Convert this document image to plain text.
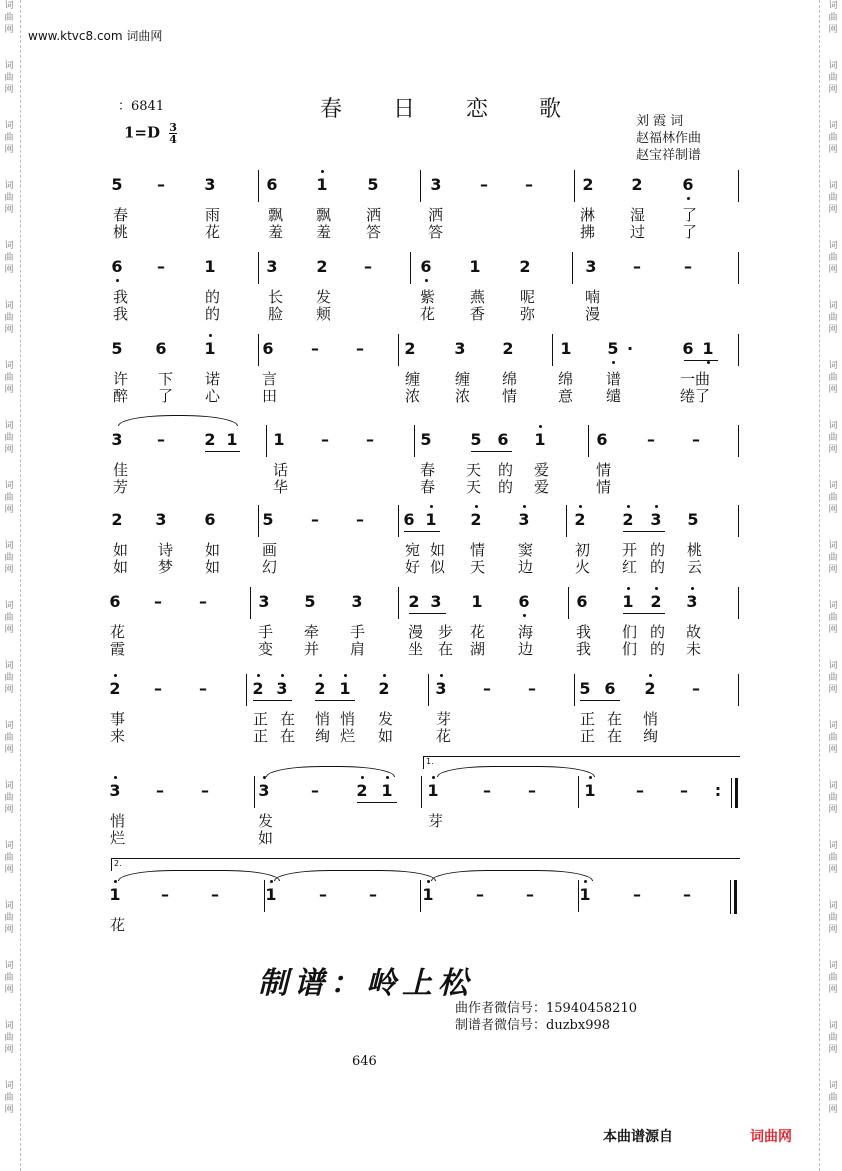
词
曲
网
词
曲
网
词
曲
网
词
曲
网
词
曲
网
词
曲
网
词
曲
网
词
曲
网
词
曲
网
词
曲
网
词
曲
网
词
曲
网
词
曲
网
词
曲
网
词
曲
网
词
曲
网
词
曲
网
词
曲
网
词
曲
网
词
曲
网
词
曲
网
词
曲
网
词
曲
网
词
曲
网
词
曲
网
词
曲
网
词
曲
网
词
曲
网
词
曲
网
词
曲
网
词
曲
网
词
曲
网
词
曲
网
词
曲
网
词
曲
网
词
曲
网
词
曲
网
词
曲
网
www.ktvc8.com 词曲网
：6841
$1=D \frac{3}{4}$
春 日 恋 歌	刘 霞 词
赵福林作曲
赵宝祥制谱
5 – 3	6 1 5	3 – –	2 2 6
春	雨	飘 飘 洒	洒	淋 湿 了
桃	花	羞 羞 答	答	拂 过 了
6 – 1	3 2 –	6 1 2	3 –	–
我	的	长 发	紫 燕 呢	喃
我	的	脸 颊	花 香 弥	漫
5 6 1	6 – –	2 3 2	1 5 ·	6 1
许 下 诺	言	缠 缠 绵	绵 谱	一曲
醉 了 心	田	浓 浓 情	意 缱	绻了
3 – 2 1 1 – –	5 5 6 1	6 – –
佳	话	春 天 的 爱	情
芳	华	春 天 的 爱	情
2 3 6	5 – – 6 1 2 3	2 2 3 5
如 诗 如	画	宛 如 情 窦	初 开 的 桃
如 梦 如	幻	好 似 天 边	火 红 的 云
6 – –	3 5 3	2 3 1 6	6 1 2 3
花	手 牵 手	漫 步 花 海	我 们 的 故
霞	变 并 肩	坐 在 湖 边	我 们 的 未
2 – –	2 3 2 1 2	3 – –	5 6 2 –
事	正 在 悄 悄 发	芽	正 在 悄
来	正 在 绚 烂 如	花	正 在 绚
3 – –	3	– 2 1 1	– –	1	– – :
悄	发	芽
烂	如
1	–	–	1	–	–	1	–	–	1	–	–
花
1.
2.
制谱：岭上松
曲作者微信号：15940458210
制谱者微信号：duzbx998
646
本曲谱源自	词曲网
